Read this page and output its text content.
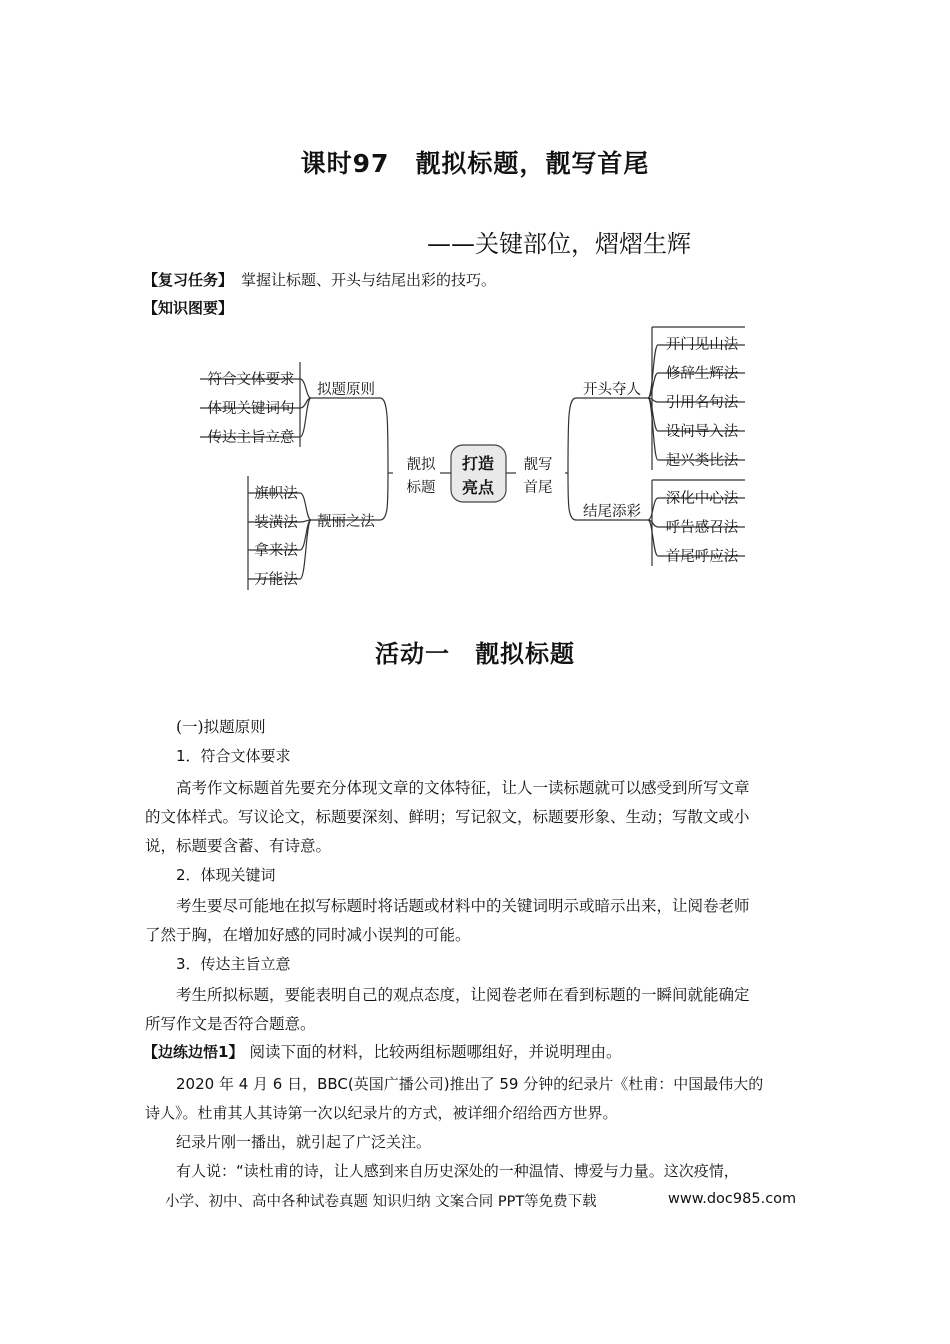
课时97　靓拟标题，靓写首尾
——关键部位，熠熠生辉
【复习任务】 掌握让标题、开头与结尾出彩的技巧。
【知识图要】
打造
亮点
靓拟
标题
靓写
首尾
拟题原则
靓丽之法
开头夺人
结尾添彩
符合文体要求
体现关键词句
传达主旨立意
旗帜法
装潢法
拿来法
万能法
开门见山法
修辞生辉法
引用名句法
设问导入法
起兴类比法
深化中心法
呼告感召法
首尾呼应法
活动一　靓拟标题
(一)拟题原则
1．符合文体要求
高考作文标题首先要充分体现文章的文体特征，让人一读标题就可以感受到所写文章
的文体样式。写议论文，标题要深刻、鲜明；写记叙文，标题要形象、生动；写散文或小
说，标题要含蓄、有诗意。
2．体现关键词
考生要尽可能地在拟写标题时将话题或材料中的关键词明示或暗示出来，让阅卷老师
了然于胸，在增加好感的同时减小误判的可能。
3．传达主旨立意
考生所拟标题，要能表明自己的观点态度，让阅卷老师在看到标题的一瞬间就能确定
所写作文是否符合题意。
【边练边悟1】 阅读下面的材料，比较两组标题哪组好，并说明理由。
2020 年 4 月 6 日，BBC(英国广播公司)推出了 59 分钟的纪录片《杜甫：中国最伟大的
诗人》。杜甫其人其诗第一次以纪录片的方式，被详细介绍给西方世界。
纪录片刚一播出，就引起了广泛关注。
有人说：“读杜甫的诗，让人感到来自历史深处的一种温情、博爱与力量。这次疫情，
小学、初中、高中各种试卷真题 知识归纳 文案合同 PPT等免费下载	www.doc985.com
